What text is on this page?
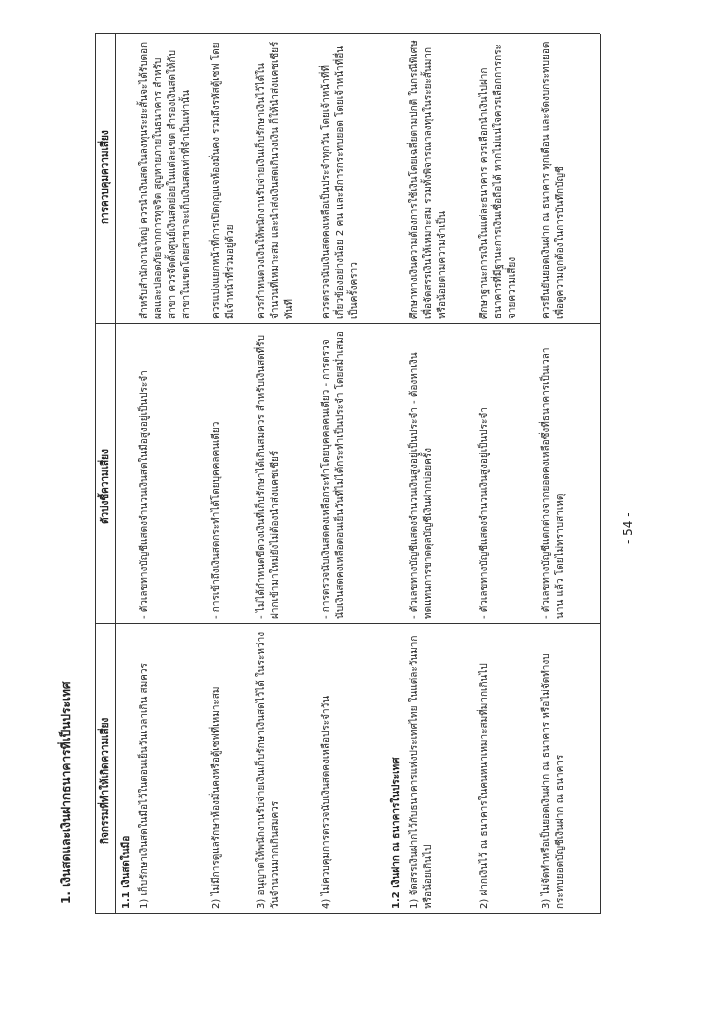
1. เงินสดและเงินฝากธนาคารที่เป็นประเทศ	กิจกรรมที่ทำให้เกิดความเสี่ยง
ตัวบ่งชี้ความเสี่ยง
การควบคุมความเสี่ยง
1.1 เงินสดในมือ 1) เก็บรักษาเงินสดในมือไว้ในตอนเย็นวันเวลาเกิน สมควร
- ตัวเลขทางบัญชีแสดงจำนวนเงินสดในมือสูงอยู่เป็นประจำ
สำหรับสำนักงานใหญ่ ควรนำเงินสดในลงทุนระยะสั้นจะได้รับดอกผลและปลอดภัยจากการทุจริต สูญหายภายในธนาคาร สำหรับสาขา ควรจัดตั้งศูนย์เงินสดย่อยในแต่ละเขต สำรองเงินสดให้กับสาขาในเขตโดยสาขาจะเก็บเงินสดเท่าที่จำเป็นเท่านั้น
2) ไม่มีการดูแลรักษาห้องมั่นคงหรือตู้เซฟที่เหมาะสม
- การเข้าถึงเงินสดกระทำได้โดยบุคคลคนเดียว
ควรแบ่งแยกหน้าที่การเปิดกุญแจห้องมั่นคง รวมถึงรหัสตู้เซฟ โดยมีเจ้าหน้าที่ร่วมอยู่ด้วย
3) อนุญาตให้พนักงานรับจ่ายเงินเก็บรักษาเงินสดไว้ได้ ในระหว่างวันจำนวนมากเกินสมควร
- ไม่ได้กำหนดขีดวงเงินที่เก็บรักษาได้เกินสมควร สำหรับเงินสดที่รับฝากเข้ามาใหม่ยังไม่ต้องนำส่งแคชเชียร์
ควรกำหนดวงเงินให้พนักงานรับจ่ายเงินเก็บรักษาเงินไว้ได้ในจำนวนที่เหมาะสม และนำส่งเงินสดเกินวงเงิน ก็ให้นำส่งแคชเชียร์ทันที
4) ไม่ควบคุมการตรวจนับเงินสดคงเหลือประจำวัน
- การตรวจนับเงินสดคงเหลือกระทำโดยบุคคลคนเดียว - การตรวจนับเงินสดคงเหลือตอนเย็นวันที่ไม่ได้กระทำเป็นประจำ โดยสม่ำเสมอ
ควรตรวจนับเงินสดคงเหลือเป็นประจำทุกวัน โดยเจ้าหน้าที่ที่เกี่ยวข้องอย่างน้อย 2 คน และมีการกระทบยอด โดยเจ้าหน้าที่อื่นเป็นครั้งคราว
1.2 เงินฝาก ณ ธนาคารในประเทศ 1) จัดสรรเงินฝากไว้กับธนาคารแห่งประเทศไทย ในแต่ละวันมากหรือน้อยเกินไป
- ตัวเลขทางบัญชีแสดงจำนวนเงินสูงอยู่เป็นประจำ - ต้องหาเงินทดแทนการขาดดุลบัญชีเงินฝากบ่อยครั้ง
ศึกษาทางเงินความต้องการใช้เงินโดยเฉลี่ยตามปกติ ในกรณีพิเศษ เพื่อจัดสรรเงินให้เหมาะสม รวมทั้งพิจารณาลงทุนในระยะสั้นมากหรือน้อยตามความจำเป็น
2) ฝากเงินไว้ ณ ธนาคารในคนหนาเหมาะสมที่มากเกินไป
- ตัวเลขทางบัญชีแสดงจำนวนเงินสูงอยู่เป็นประจำ
ศึกษาฐานะการเงินในแต่ละธนาคาร ควรเลือกนำเงินไปฝากธนาคารที่มีฐานะการเงินเชื่อถือได้ หากไม่แน่ใจควรเลือกการกระจายความเสี่ยง
3) ไม่จัดทำหรือเป็นยอดเงินฝาก ณ ธนาคาร หรือไม่จัดทำงบกระทบยอดบัญชีเงินฝาก ณ ธนาคาร
- ตัวเลขทางบัญชีแตกต่างจากยอดคงเหลือซึ่งที่ธนาคารเป็นเวลานาน แล้ว โดยไม่ทราบสาเหตุ
ควรยืนยันยอดเงินฝาก ณ ธนาคาร ทุกเดือน และจัดงบกระทบยอดเพื่อดูความถูกต้องในการบันทึกบัญชี
- 54 -
